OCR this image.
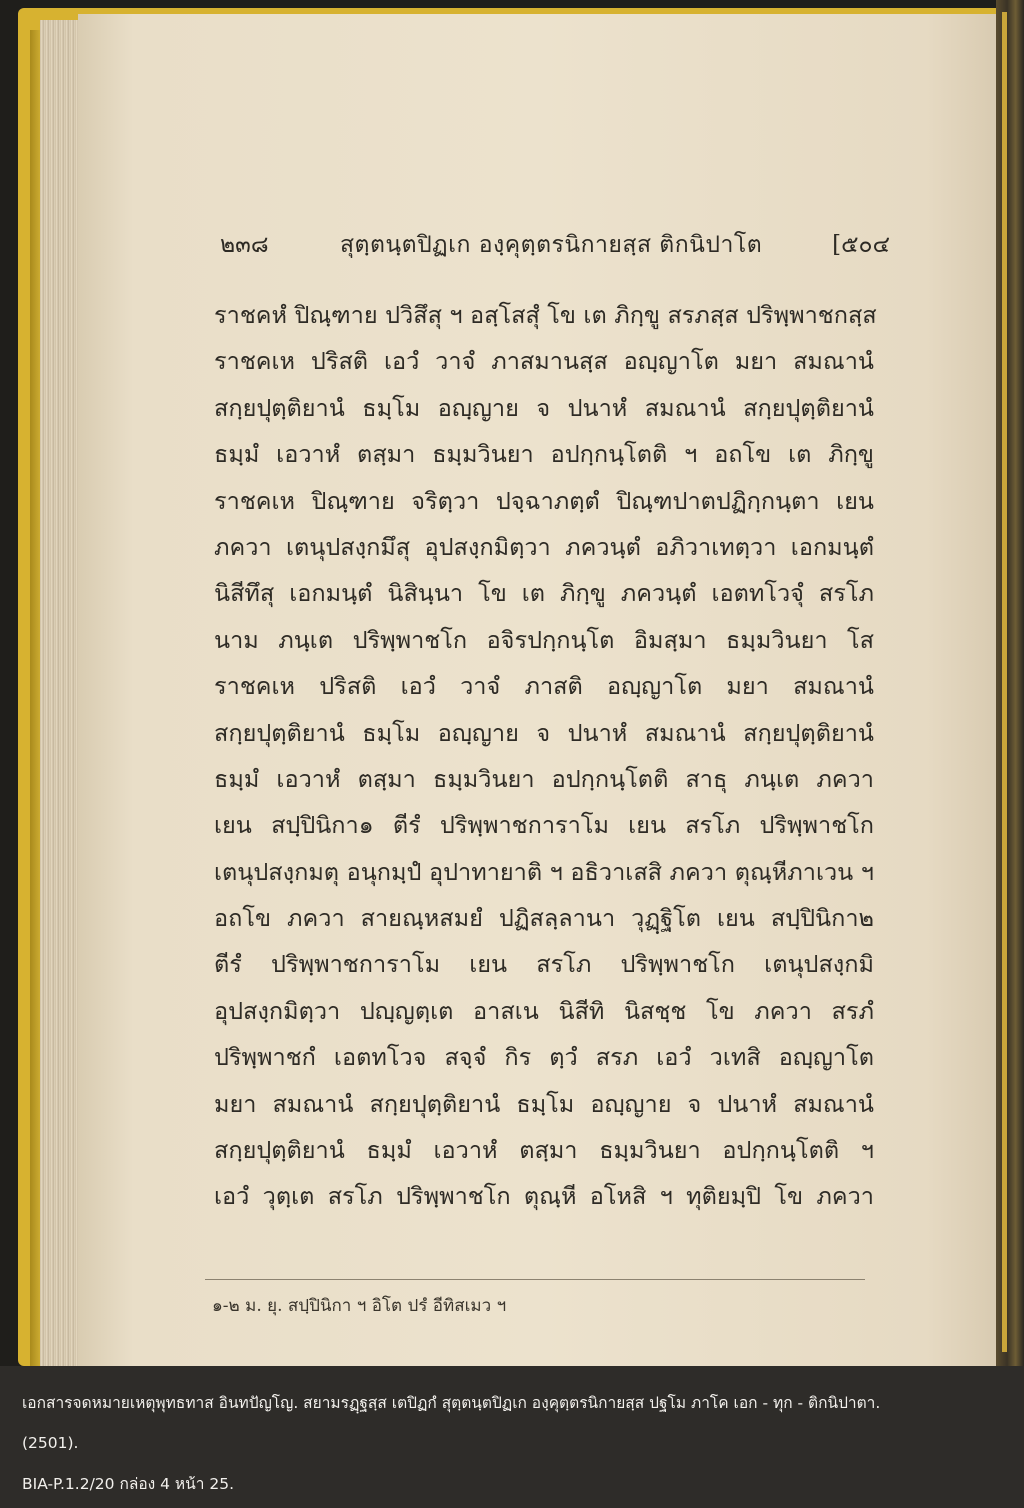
๒๓๘	สุตฺตนฺตปิฏเก องฺคุตฺตรนิกายสฺส ติกนิปาโต	[๕๐๔
ราชคหํ ปิณฺฑาย ปวิสึสุ ฯ อสฺโสสุํ โข เต ภิกฺขู สรภสฺส ปริพฺพาชกสฺส
ราชคเห ปริสติ เอวํ วาจํ ภาสมานสฺส อญฺญาโต มยา สมณานํ
สกฺยปุตฺติยานํ ธมฺโม อญฺญาย จ ปนาหํ สมณานํ สกฺยปุตฺติยานํ
ธมฺมํ เอวาหํ ตสฺมา ธมฺมวินยา อปกฺกนฺโตติ ฯ อถโข เต ภิกฺขู
ราชคเห ปิณฺฑาย จริตฺวา ปจฺฉาภตฺตํ ปิณฺฑปาตปฏิกฺกนฺตา เยน
ภควา เตนุปสงฺกมึสุ อุปสงฺกมิตฺวา ภควนฺตํ อภิวาเทตฺวา เอกมนฺตํ
นิสีทึสุ เอกมนฺตํ นิสินฺนา โข เต ภิกฺขู ภควนฺตํ เอตทโวจุํ สรโภ
นาม ภนฺเต ปริพฺพาชโก อจิรปกฺกนฺโต อิมสฺมา ธมฺมวินยา โส
ราชคเห ปริสติ เอวํ วาจํ ภาสติ อญฺญาโต มยา สมณานํ
สกฺยปุตฺติยานํ ธมฺโม อญฺญาย จ ปนาหํ สมณานํ สกฺยปุตฺติยานํ
ธมฺมํ เอวาหํ ตสฺมา ธมฺมวินยา อปกฺกนฺโตติ สาธุ ภนฺเต ภควา
เยน สปฺปินิกา๑ ตีรํ ปริพฺพาชการาโม เยน สรโภ ปริพฺพาชโก
เตนุปสงฺกมตุ อนุกมฺปํ อุปาทายาติ ฯ อธิวาเสสิ ภควา ตุณฺหีภาเวน ฯ
อถโข ภควา สายณฺหสมยํ ปฏิสลฺลานา วุฏฺฐิโต เยน สปฺปินิกา๒
ตีรํ ปริพฺพาชการาโม เยน สรโภ ปริพฺพาชโก เตนุปสงฺกมิ
อุปสงฺกมิตฺวา ปญฺญตฺเต อาสเน นิสีทิ นิสชฺช โข ภควา สรภํ
ปริพฺพาชกํ เอตทโวจ สจฺจํ กิร ตฺวํ สรภ เอวํ วเทสิ อญฺญาโต
มยา สมณานํ สกฺยปุตฺติยานํ ธมฺโม อญฺญาย จ ปนาหํ สมณานํ
สกฺยปุตฺติยานํ ธมฺมํ เอวาหํ ตสฺมา ธมฺมวินยา อปกฺกนฺโตติ ฯ
เอวํ วุตฺเต สรโภ ปริพฺพาชโก ตุณฺหี อโหสิ ฯ ทุติยมฺปิ โข ภควา
๑-๒ ม. ยุ. สปฺปินิกา ฯ อิโต ปรํ อีทิสเมว ฯ
เอกสารจดหมายเหตุพุทธทาส อินทปัญโญ. สยามรฏฺฐสฺส เตปิฏกํ สุตฺตนฺตปิฏเก องฺคุตฺตรนิกายสฺส ปฐโม ภาโค เอก - ทุก - ติกนิปาตา.
(2501).
BIA-P.1.2/20 กล่อง 4 หน้า 25.
